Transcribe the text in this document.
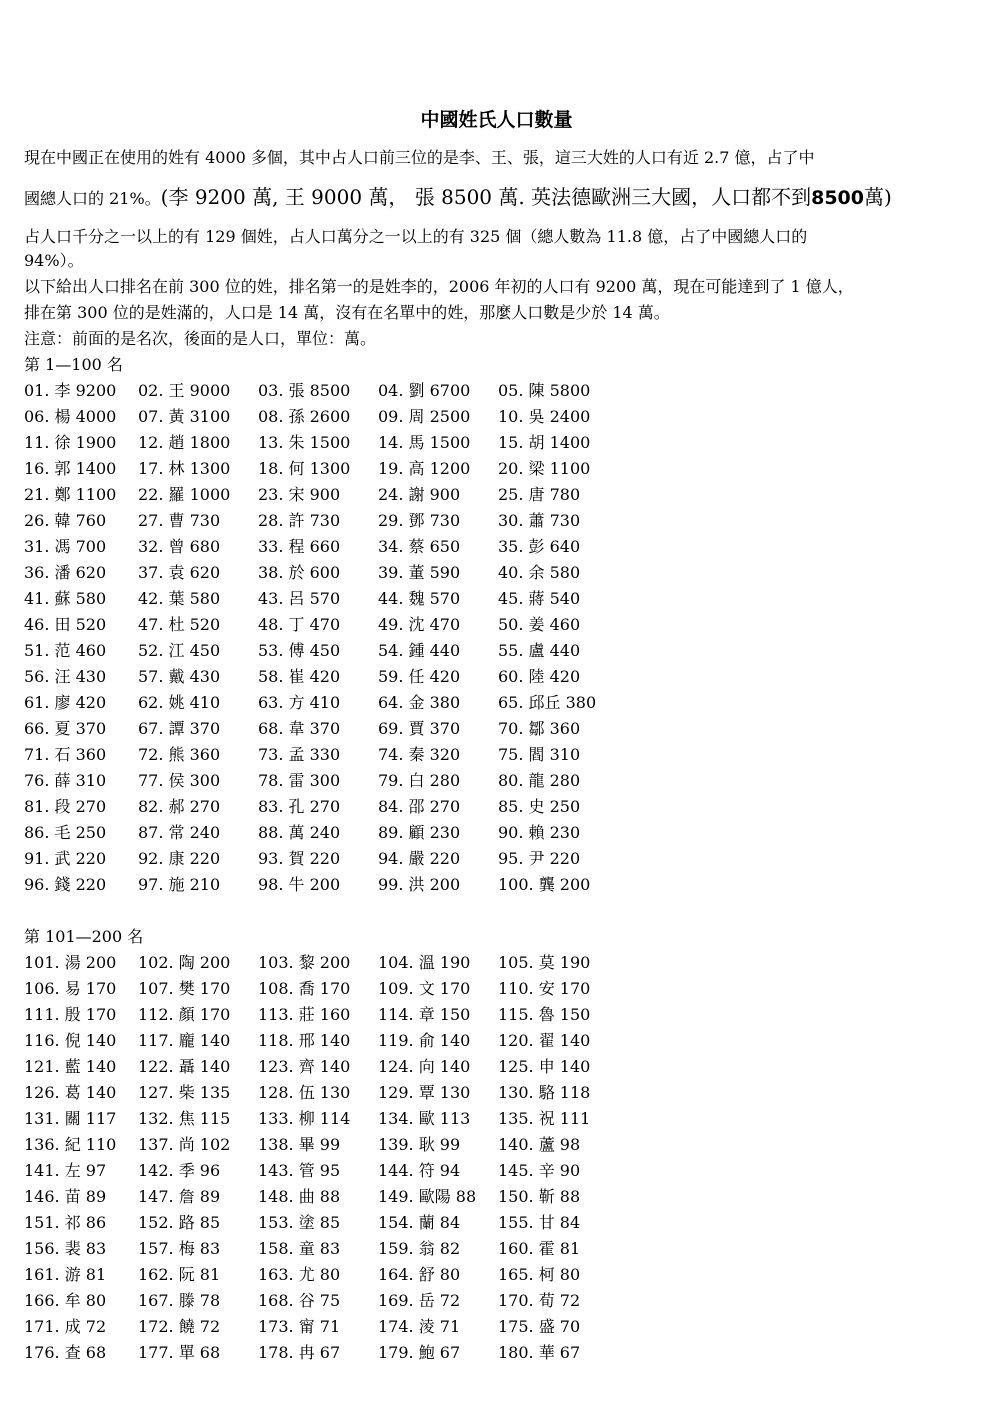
中國姓氏人口數量
現在中國正在使用的姓有 4000 多個，其中占人口前三位的是李、王、張，這三大姓的人口有近 2.7 億，占了中
國總人口的 21%。(李 9200 萬, 王 9000 萬， 張 8500 萬. 英法德歐洲三大國，人口都不到8500萬)
占人口千分之一以上的有 129 個姓，占人口萬分之一以上的有 325 個（總人數為 11.8 億，占了中國總人口的
94%）。
以下給出人口排名在前 300 位的姓，排名第一的是姓李的，2006 年初的人口有 9200 萬，現在可能達到了 1 億人，
排在第 300 位的是姓滿的，人口是 14 萬，沒有在名單中的姓，那麼人口數是少於 14 萬。
注意：前面的是名次，後面的是人口，單位：萬。
第 1—100 名
01. 李 9200 02. 王 9000 03. 張 8500 04. 劉 6700 05. 陳 5800
06. 楊 4000 07. 黃 3100 08. 孫 2600 09. 周 2500 10. 吳 2400
11. 徐 1900 12. 趙 1800 13. 朱 1500 14. 馬 1500 15. 胡 1400
16. 郭 1400 17. 林 1300 18. 何 1300 19. 高 1200 20. 梁 1100
21. 鄭 1100 22. 羅 1000 23. 宋 900 24. 謝 900 25. 唐 780
26. 韓 760 27. 曹 730 28. 許 730 29. 鄧 730 30. 蕭 730
31. 馮 700 32. 曾 680 33. 程 660 34. 蔡 650 35. 彭 640
36. 潘 620 37. 袁 620 38. 於 600 39. 董 590 40. 余 580
41. 蘇 580 42. 葉 580 43. 呂 570 44. 魏 570 45. 蔣 540
46. 田 520 47. 杜 520 48. 丁 470 49. 沈 470 50. 姜 460
51. 范 460 52. 江 450 53. 傅 450 54. 鍾 440 55. 盧 440
56. 汪 430 57. 戴 430 58. 崔 420 59. 任 420 60. 陸 420
61. 廖 420 62. 姚 410 63. 方 410 64. 金 380 65. 邱丘 380
66. 夏 370 67. 譚 370 68. 韋 370 69. 賈 370 70. 鄒 360
71. 石 360 72. 熊 360 73. 孟 330 74. 秦 320 75. 閻 310
76. 薛 310 77. 侯 300 78. 雷 300 79. 白 280 80. 龍 280
81. 段 270 82. 郝 270 83. 孔 270 84. 邵 270 85. 史 250
86. 毛 250 87. 常 240 88. 萬 240 89. 顧 230 90. 賴 230
91. 武 220 92. 康 220 93. 賀 220 94. 嚴 220 95. 尹 220
96. 錢 220 97. 施 210 98. 牛 200 99. 洪 200 100. 龔 200
第 101—200 名
101. 湯 200 102. 陶 200 103. 黎 200 104. 溫 190 105. 莫 190
106. 易 170 107. 樊 170 108. 喬 170 109. 文 170 110. 安 170
111. 殷 170 112. 顏 170 113. 莊 160 114. 章 150 115. 魯 150
116. 倪 140 117. 龐 140 118. 邢 140 119. 俞 140 120. 翟 140
121. 藍 140 122. 聶 140 123. 齊 140 124. 向 140 125. 申 140
126. 葛 140 127. 柴 135 128. 伍 130 129. 覃 130 130. 駱 118
131. 關 117 132. 焦 115 133. 柳 114 134. 歐 113 135. 祝 111
136. 紀 110 137. 尚 102 138. 畢 99 139. 耿 99 140. 蘆 98
141. 左 97 142. 季 96 143. 管 95 144. 符 94 145. 辛 90
146. 苗 89 147. 詹 89 148. 曲 88 149. 歐陽 88 150. 靳 88
151. 祁 86 152. 路 85 153. 塗 85 154. 蘭 84 155. 甘 84
156. 裴 83 157. 梅 83 158. 童 83 159. 翁 82 160. 霍 81
161. 游 81 162. 阮 81 163. 尤 80 164. 舒 80 165. 柯 80
166. 牟 80 167. 滕 78 168. 谷 75 169. 岳 72 170. 荀 72
171. 成 72 172. 饒 72 173. 甯 71 174. 淩 71 175. 盛 70
176. 查 68 177. 單 68 178. 冉 67 179. 鮑 67 180. 華 67
